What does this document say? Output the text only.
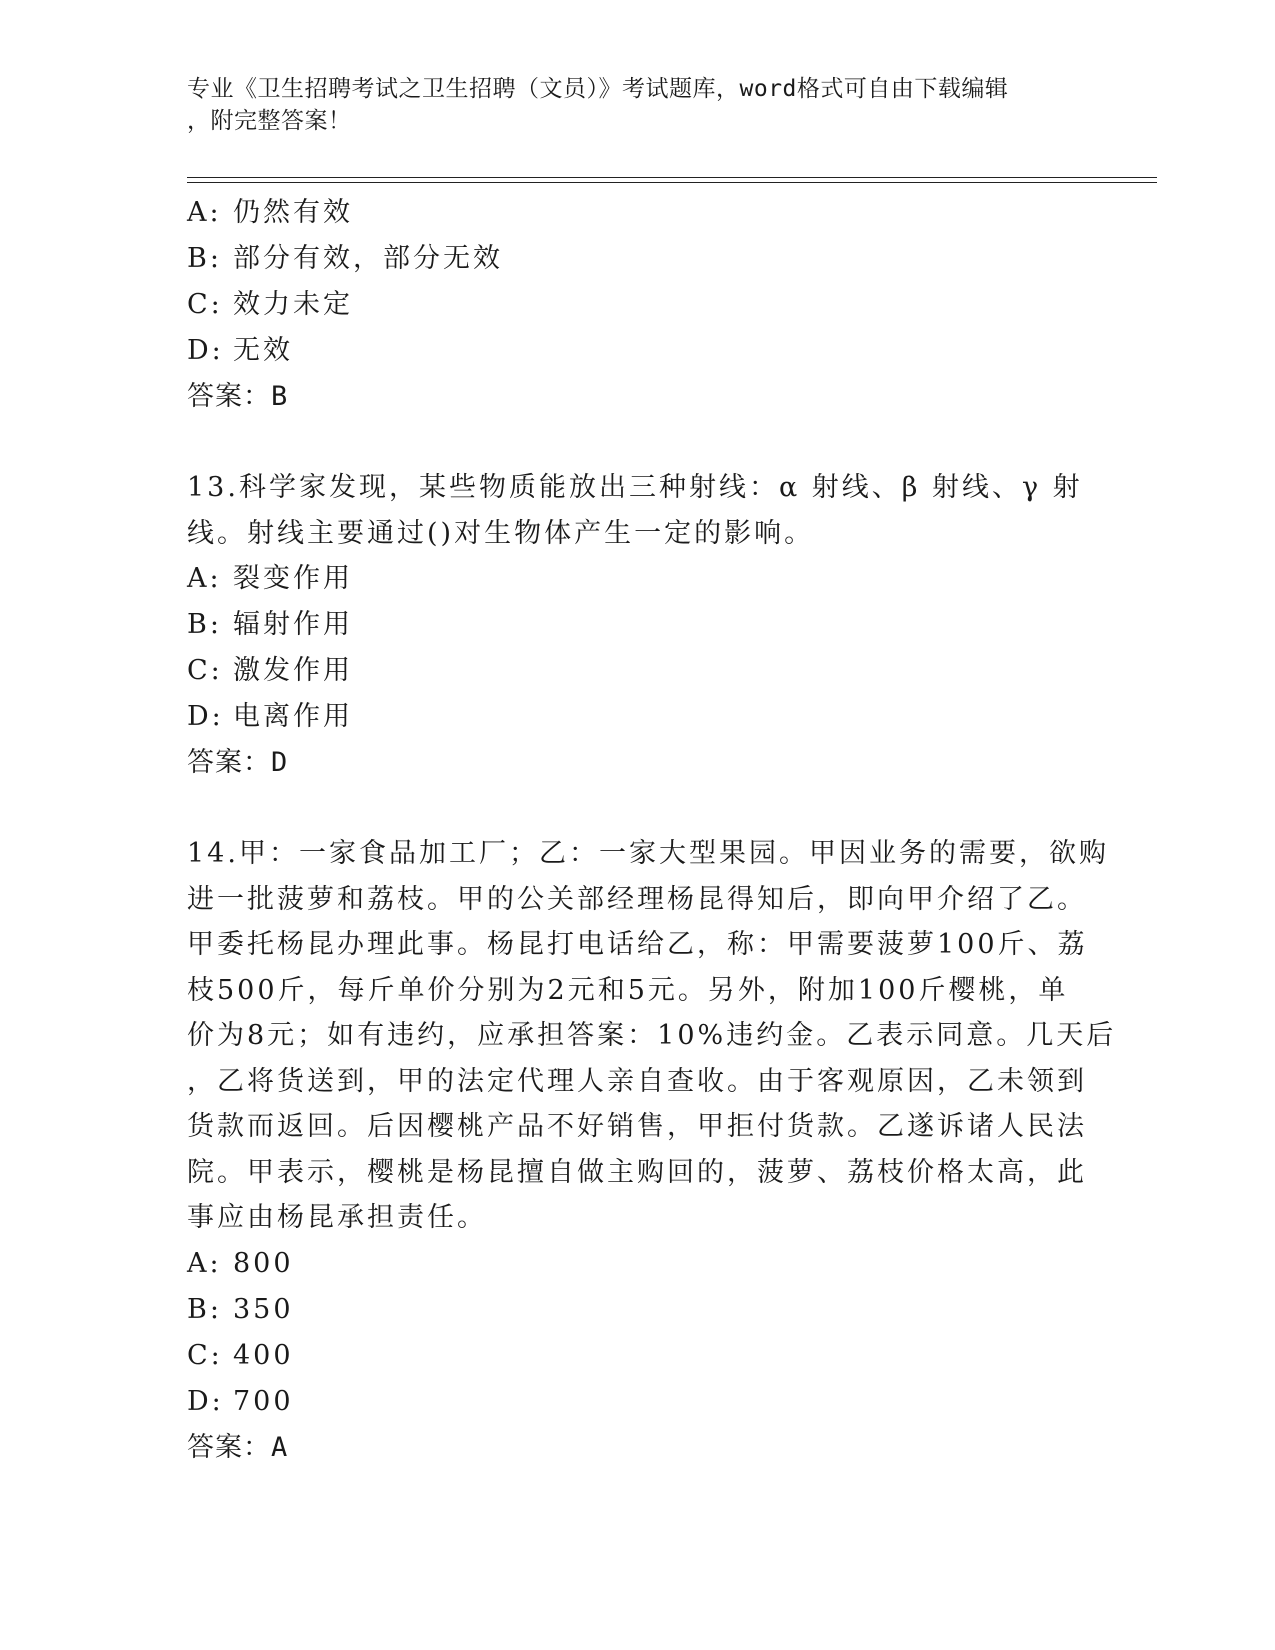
专业《卫生招聘考试之卫生招聘（文员）》考试题库，word格式可自由下载编辑
，附完整答案！
A: 仍然有效
B: 部分有效，部分无效
C: 效力未定
D: 无效
答案：B
13.科学家发现，某些物质能放出三种射线：α 射线、β 射线、γ 射
线。射线主要通过()对生物体产生一定的影响。
A: 裂变作用
B: 辐射作用
C: 激发作用
D: 电离作用
答案：D
14.甲：一家食品加工厂；乙：一家大型果园。甲因业务的需要，欲购
进一批菠萝和荔枝。甲的公关部经理杨昆得知后，即向甲介绍了乙。
甲委托杨昆办理此事。杨昆打电话给乙，称：甲需要菠萝100斤、荔
枝500斤，每斤单价分别为2元和5元。另外，附加100斤樱桃，单
价为8元；如有违约，应承担答案：10%违约金。乙表示同意。几天后
，乙将货送到，甲的法定代理人亲自查收。由于客观原因，乙未领到
货款而返回。后因樱桃产品不好销售，甲拒付货款。乙遂诉诸人民法
院。甲表示，樱桃是杨昆擅自做主购回的，菠萝、荔枝价格太高，此
事应由杨昆承担责任。
A: 800
B: 350
C: 400
D: 700
答案：A
